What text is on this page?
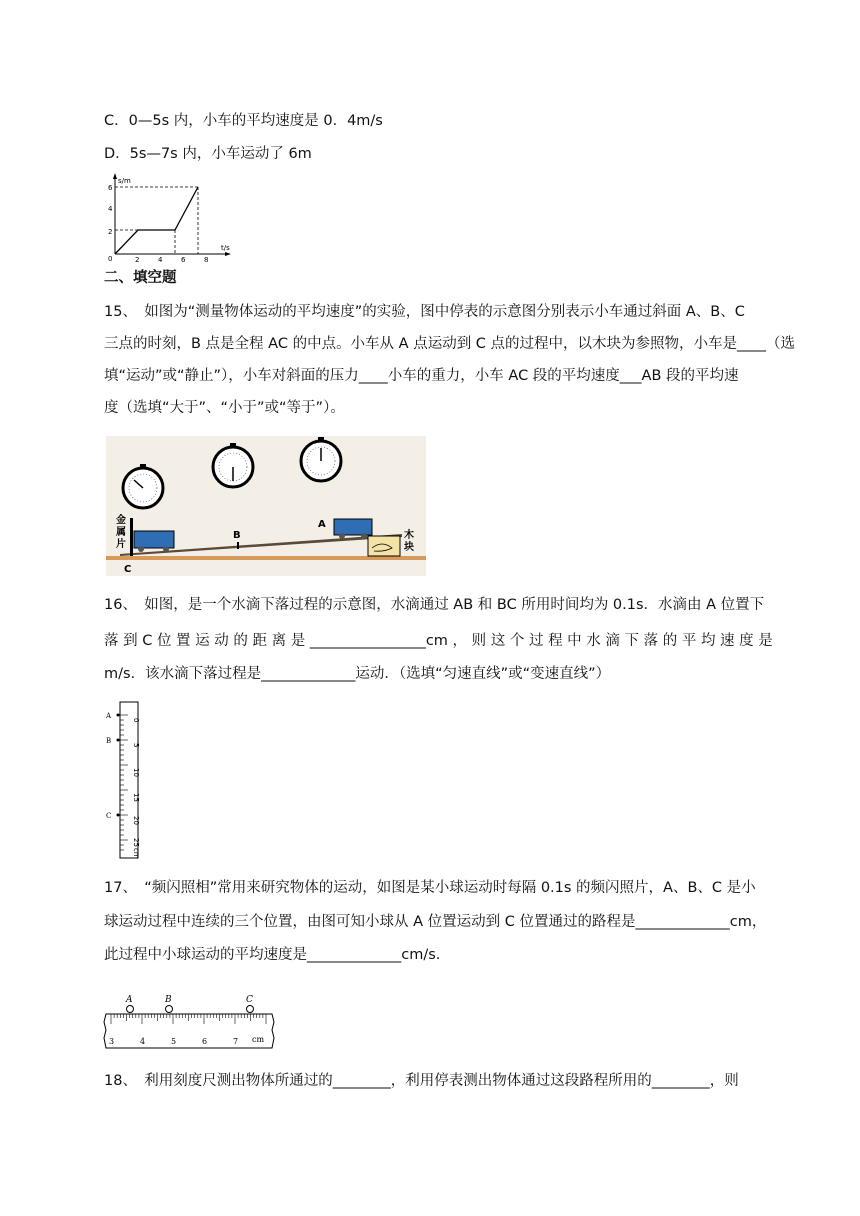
C．0—5s 内，小车的平均速度是 0．4m/s
D．5s—7s 内，小车运动了 6m
s/m
t/s
0
2
4
6
2	4	6	8
二、填空题
15、　如图为“测量物体运动的平均速度”的实验，图中停表的示意图分别表示小车通过斜面 A、B、C
三点的时刻，B 点是全程 AC 的中点。小车从 A 点运动到 C 点的过程中，以木块为参照物，小车是____（选
填“运动”或“静止”），小车对斜面的压力____小车的重力，小车 AC 段的平均速度___AB 段的平均速
度（选填“大于”、“小于”或“等于”）。
金
属
片
木
块
A
B
C
16、　如图，是一个水滴下落过程的示意图，水滴通过 AB 和 BC 所用时间均为 0.1s．水滴由 A 位置下
落 到 C 位 置 运 动 的 距 离 是 ________________cm ， 则 这 个 过 程 中 水 滴 下 落 的 平 均 速 度 是
m/s．该水滴下落过程是_____________运动．（选填“匀速直线”或“变速直线”）
A
B
C
0
5
10
15
20
25
cm
17、　“频闪照相”常用来研究物体的运动，如图是某小球运动时每隔 0.1s 的频闪照片，A、B、C 是小
球运动过程中连续的三个位置，由图可知小球从 A 位置运动到 C 位置通过的路程是_____________cm，
此过程中小球运动的平均速度是_____________cm/s.
A	B	C
3	4	5	6	7 cm
18、　利用刻度尺测出物体所通过的________，利用停表测出物体通过这段路程所用的________，则
